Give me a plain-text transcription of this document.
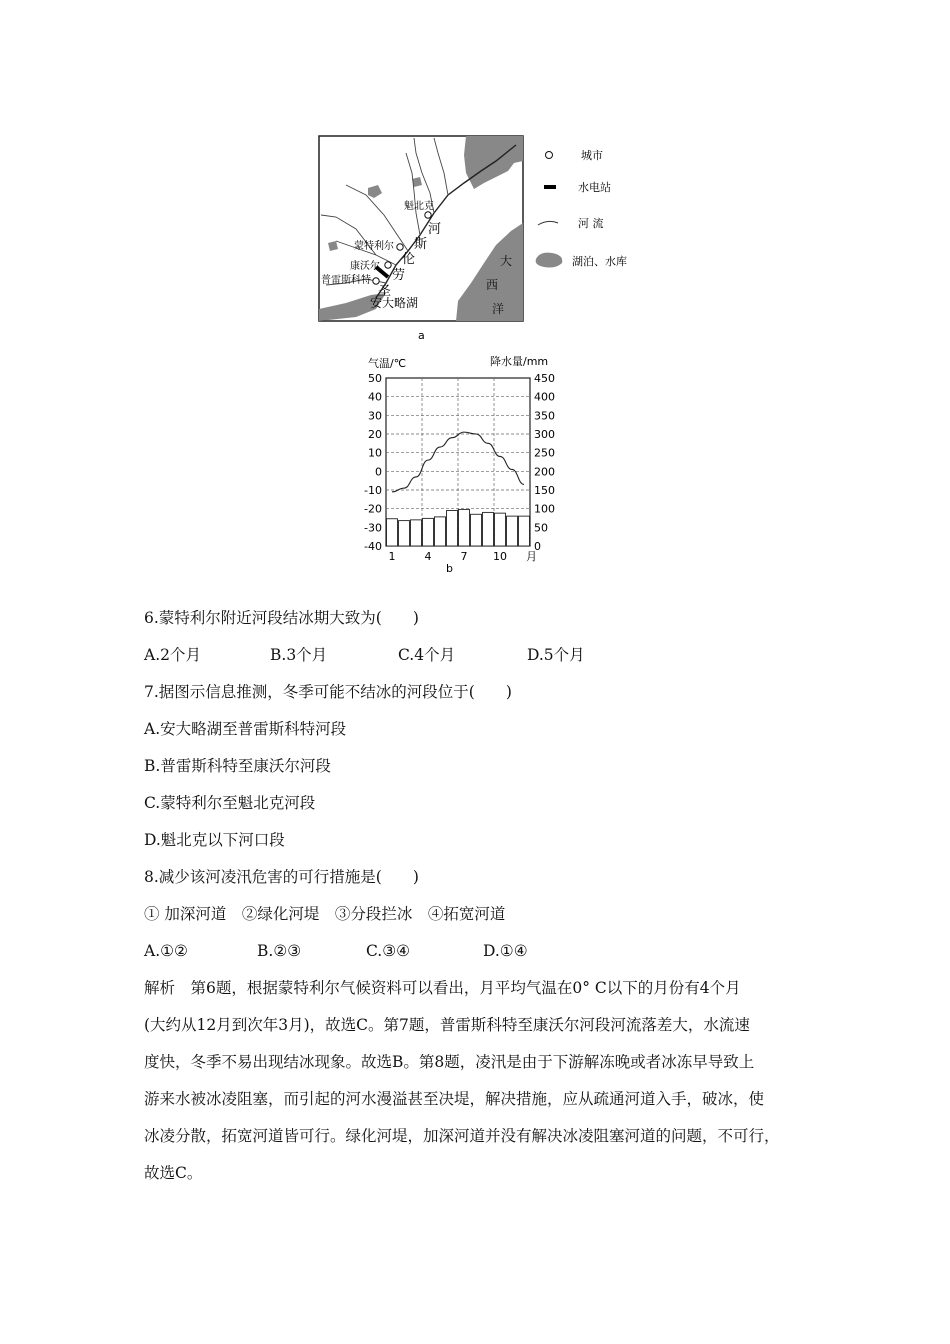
魁北克
河
斯
蒙特利尔
康沃尔 伦
普雷斯科特 劳
圣
安大略湖
大
西
洋
城市
水电站
河 流
湖泊、水库
a
气温/℃	降水量/mm
50
40
30
20
10
0
-10
-20
-30
-40
450
400
350
300
250
200
150
100
50
0
1	4	7 10 月
b
6.蒙特利尔附近河段结冰期大致为(　　)
A.2个月	B.3个月	C.4个月	D.5个月
7.据图示信息推测，冬季可能不结冰的河段位于(　　)
A.安大略湖至普雷斯科特河段
B.普雷斯科特至康沃尔河段
C.蒙特利尔至魁北克河段
D.魁北克以下河口段
8.减少该河凌汛危害的可行措施是(　　)
① 加深河道　②绿化河堤　③分段拦冰　④拓宽河道
A.①②	B.②③	C.③④	D.①④

解析　第6题，根据蒙特利尔气候资料可以看出，月平均气温在0° C以下的月份有4个月

(大约从12月到次年3月)，故选C。第7题，普雷斯科特至康沃尔河段河流落差大，水流速

度快，冬季不易出现结冰现象。故选B。第8题，凌汛是由于下游解冻晚或者冰冻早导致上

游来水被冰凌阻塞，而引起的河水漫溢甚至决堤，解决措施，应从疏通河道入手，破冰，使

冰凌分散，拓宽河道皆可行。绿化河堤，加深河道并没有解决冰凌阻塞河道的问题，不可行，

故选C。
